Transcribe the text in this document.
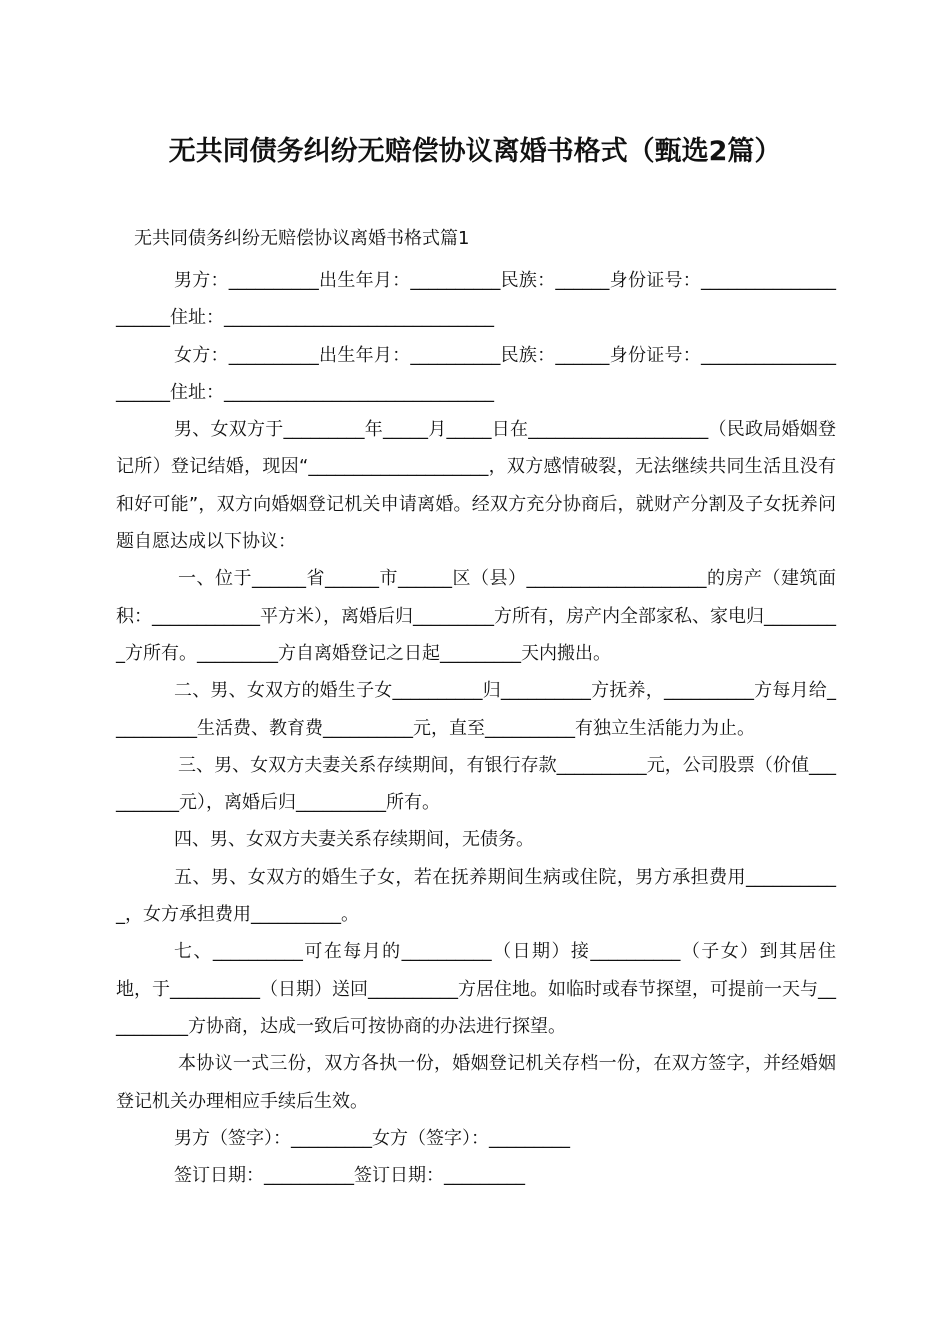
无共同债务纠纷无赔偿协议离婚书格式（甄选2篇）

无共同债务纠纷无赔偿协议离婚书格式篇1

男方：__________出生年月：__________民族：______身份证号：_____________________住址：______________________________

女方：__________出生年月：__________民族：______身份证号：_____________________住址：______________________________

男、女双方于_________年_____月_____日在____________________（民政局婚姻登记所）登记结婚，现因“____________________，双方感情破裂，无法继续共同生活且没有和好可能”，双方向婚姻登记机关申请离婚。经双方充分协商后，就财产分割及子女抚养问题自愿达成以下协议：

一、位于______省______市______区（县）____________________的房产（建筑面积：____________平方米），离婚后归_________方所有，房产内全部家私、家电归_________方所有。_________方自离婚登记之日起_________天内搬出。

二、男、女双方的婚生子女__________归__________方抚养，__________方每月给__________生活费、教育费__________元，直至__________有独立生活能力为止。

三、男、女双方夫妻关系存续期间，有银行存款__________元，公司股票（价值__________元），离婚后归__________所有。

四、男、女双方夫妻关系存续期间，无债务。

五、男、女双方的婚生子女，若在抚养期间生病或住院，男方承担费用___________，女方承担费用__________。

七、__________可在每月的__________（日期）接__________（子女）到其居住地，于__________（日期）送回__________方居住地。如临时或春节探望，可提前一天与__________方协商，达成一致后可按协商的办法进行探望。

本协议一式三份，双方各执一份，婚姻登记机关存档一份，在双方签字，并经婚姻登记机关办理相应手续后生效。

男方（签字）：_________女方（签字）：_________

签订日期：__________签订日期：_________
